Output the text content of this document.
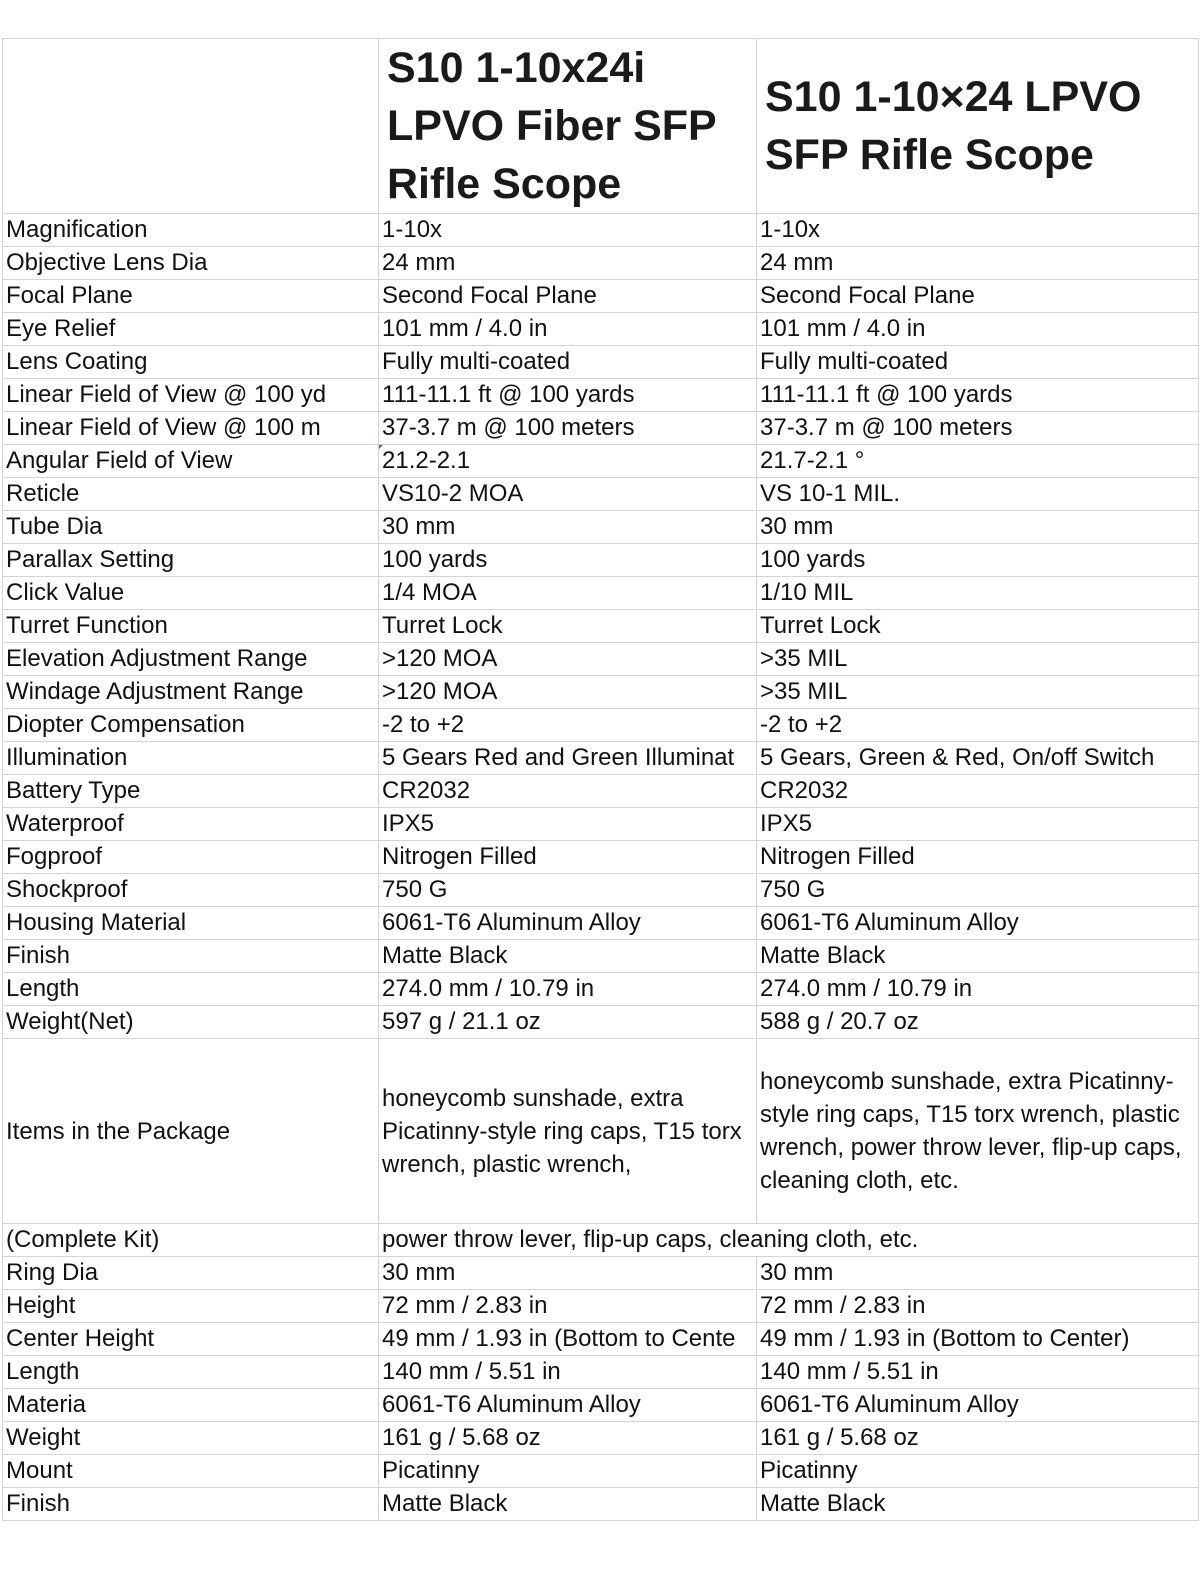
	S10 1-10x24i LPVO Fiber SFP Rifle Scope	S10 1-10×24 LPVO SFP Rifle Scope

Magnification	1-10x	1-10x
Objective Lens Dia	24 mm	24 mm
Focal Plane	Second Focal Plane	Second Focal Plane
Eye Relief	101 mm / 4.0 in	101 mm / 4.0 in
Lens Coating	Fully multi-coated	Fully multi-coated
Linear Field of View @ 100 yd	111-11.1 ft @ 100 yards	111-11.1 ft @ 100 yards
Linear Field of View @ 100 m	37-3.7 m @ 100 meters	37-3.7 m @ 100 meters
Angular Field of View	21.2-2.1	21.7-2.1 °
Reticle	VS10-2 MOA	VS 10-1 MIL.
Tube Dia	30 mm	30 mm
Parallax Setting	100 yards	100 yards
Click Value	1/4 MOA	1/10 MIL
Turret Function	Turret Lock	Turret Lock
Elevation Adjustment Range	>120 MOA	>35 MIL
Windage Adjustment Range	>120 MOA	>35 MIL
Diopter Compensation	-2 to +2	-2 to +2
Illumination	5 Gears Red and Green Illuminat	5 Gears, Green & Red, On/off Switch
Battery Type	CR2032	CR2032
Waterproof	IPX5	IPX5
Fogproof	Nitrogen Filled	Nitrogen Filled
Shockproof	750 G	750 G
Housing Material	6061-T6 Aluminum Alloy	6061-T6 Aluminum Alloy
Finish	Matte Black	Matte Black
Length	274.0 mm / 10.79 in	274.0 mm / 10.79 in
Weight(Net)	597 g / 21.1 oz	588 g / 20.7 oz
Items in the Package	honeycomb sunshade, extra Picatinny-style ring caps, T15 torx wrench, plastic wrench,	honeycomb sunshade, extra Picatinny-style ring caps, T15 torx wrench, plastic wrench, power throw lever, flip-up caps, cleaning cloth, etc.
(Complete Kit)	power throw lever, flip-up caps, cleaning cloth, etc.	
Ring Dia	30 mm	30 mm
Height	72 mm / 2.83 in	72 mm / 2.83 in
Center Height	49 mm / 1.93 in (Bottom to Cente	49 mm / 1.93 in (Bottom to Center)
Length	140 mm / 5.51 in	140 mm / 5.51 in
Materia	6061-T6 Aluminum Alloy	6061-T6 Aluminum Alloy
Weight	161 g / 5.68 oz	161 g / 5.68 oz
Mount	Picatinny	Picatinny
Finish	Matte Black	Matte Black
